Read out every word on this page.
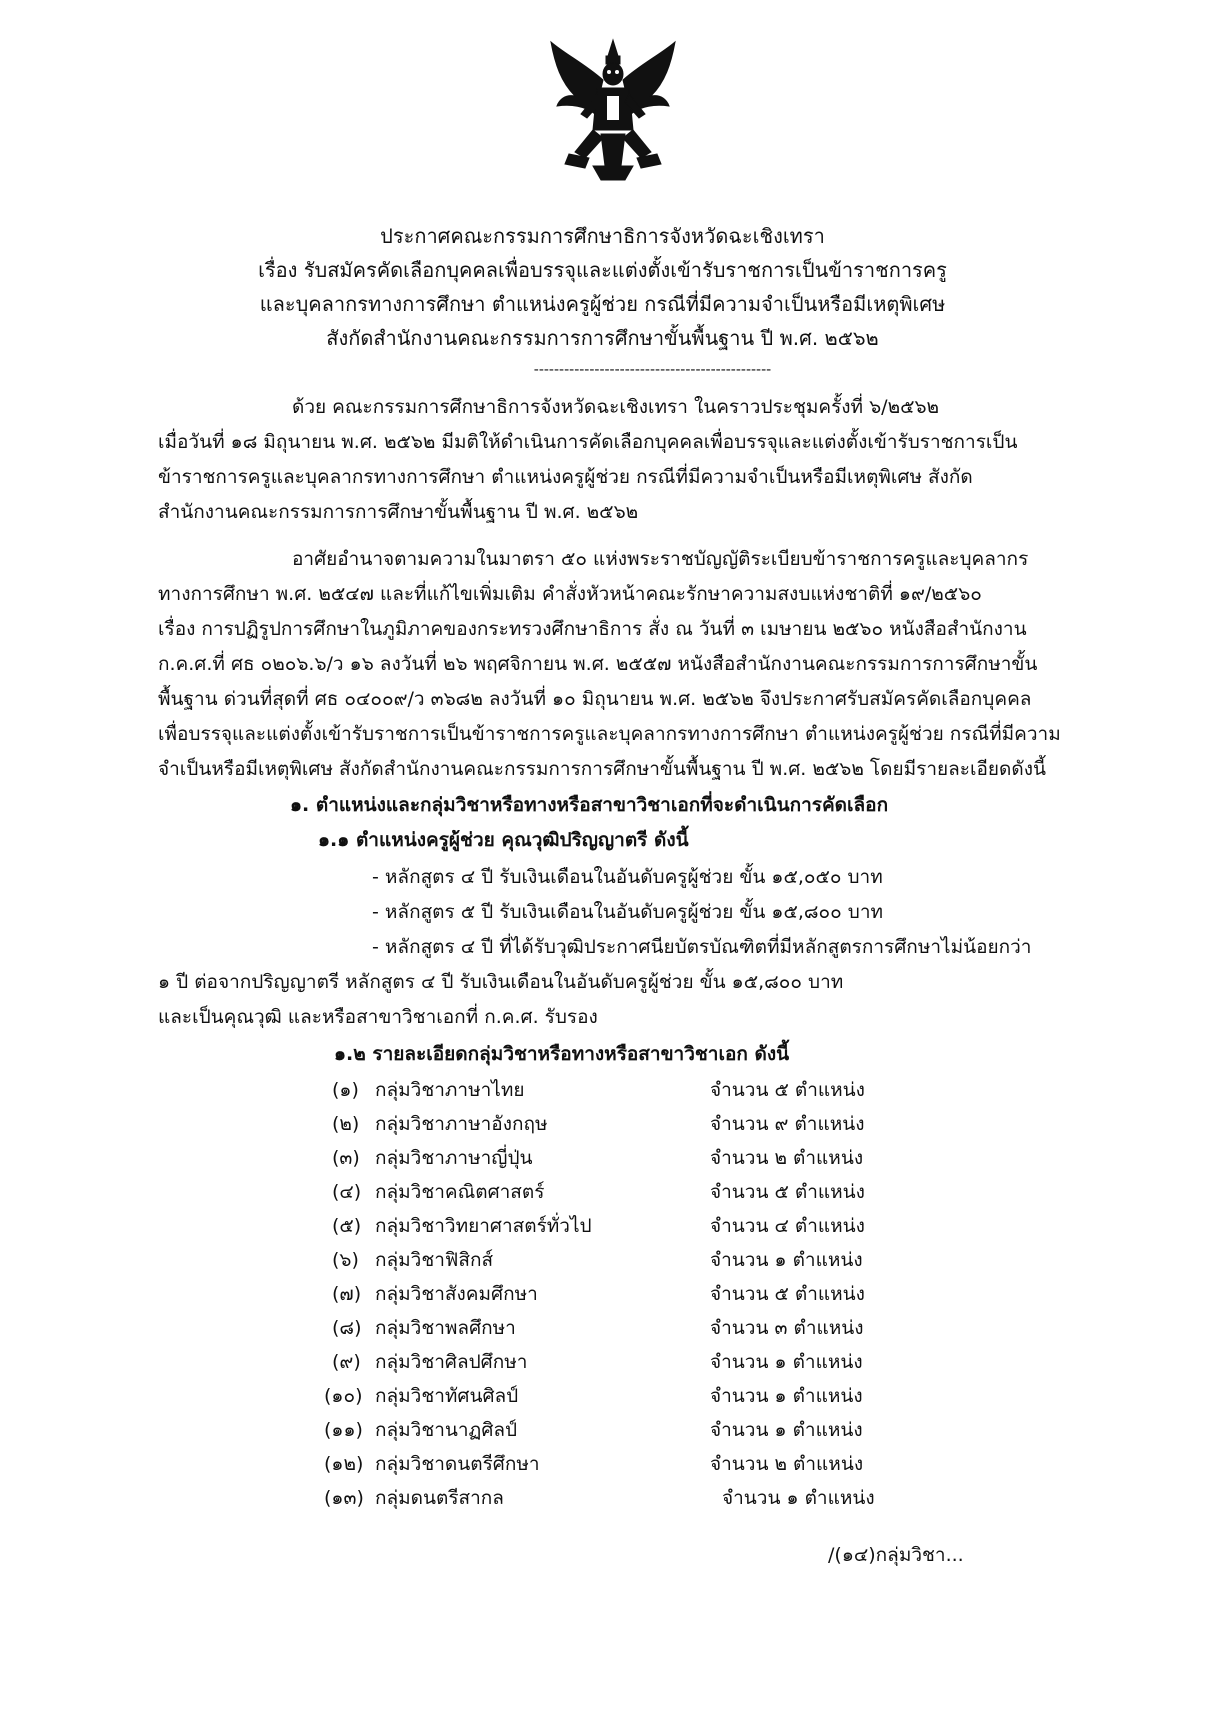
ประกาศคณะกรรมการศึกษาธิการจังหวัดฉะเชิงเทรา
เรื่อง รับสมัครคัดเลือกบุคคลเพื่อบรรจุและแต่งตั้งเข้ารับราชการเป็นข้าราชการครู
และบุคลากรทางการศึกษา ตำแหน่งครูผู้ช่วย กรณีที่มีความจำเป็นหรือมีเหตุพิเศษ
สังกัดสำนักงานคณะกรรมการการศึกษาขั้นพื้นฐาน ปี พ.ศ. ๒๕๖๒
-----------------------------------------------
ด้วย คณะกรรมการศึกษาธิการจังหวัดฉะเชิงเทรา ในคราวประชุมครั้งที่ ๖/๒๕๖๒
เมื่อวันที่ ๑๘ มิถุนายน พ.ศ. ๒๕๖๒ มีมติให้ดำเนินการคัดเลือกบุคคลเพื่อบรรจุและแต่งตั้งเข้ารับราชการเป็น
ข้าราชการครูและบุคลากรทางการศึกษา ตำแหน่งครูผู้ช่วย กรณีที่มีความจำเป็นหรือมีเหตุพิเศษ สังกัด
สำนักงานคณะกรรมการการศึกษาขั้นพื้นฐาน ปี พ.ศ. ๒๕๖๒
อาศัยอำนาจตามความในมาตรา ๕๐ แห่งพระราชบัญญัติระเบียบข้าราชการครูและบุคลากร
ทางการศึกษา พ.ศ. ๒๕๔๗ และที่แก้ไขเพิ่มเติม คำสั่งหัวหน้าคณะรักษาความสงบแห่งชาติที่ ๑๙/๒๕๖๐
เรื่อง การปฏิรูปการศึกษาในภูมิภาคของกระทรวงศึกษาธิการ สั่ง ณ วันที่ ๓ เมษายน ๒๕๖๐ หนังสือสำนักงาน
ก.ค.ศ.ที่ ศธ ๐๒๐๖.๖/ว ๑๖ ลงวันที่ ๒๖ พฤศจิกายน พ.ศ. ๒๕๕๗ หนังสือสำนักงานคณะกรรมการการศึกษาขั้น
พื้นฐาน ด่วนที่สุดที่ ศธ ๐๔๐๐๙/ว ๓๖๘๒ ลงวันที่ ๑๐ มิถุนายน พ.ศ. ๒๕๖๒ จึงประกาศรับสมัครคัดเลือกบุคคล
เพื่อบรรจุและแต่งตั้งเข้ารับราชการเป็นข้าราชการครูและบุคลากรทางการศึกษา ตำแหน่งครูผู้ช่วย กรณีที่มีความ
จำเป็นหรือมีเหตุพิเศษ สังกัดสำนักงานคณะกรรมการการศึกษาขั้นพื้นฐาน ปี พ.ศ. ๒๕๖๒ โดยมีรายละเอียดดังนี้
๑. ตำแหน่งและกลุ่มวิชาหรือทางหรือสาขาวิชาเอกที่จะดำเนินการคัดเลือก
๑.๑ ตำแหน่งครูผู้ช่วย คุณวุฒิปริญญาตรี ดังนี้
- หลักสูตร ๔ ปี รับเงินเดือนในอันดับครูผู้ช่วย ขั้น ๑๕,๐๕๐ บาท
- หลักสูตร ๕ ปี รับเงินเดือนในอันดับครูผู้ช่วย ขั้น ๑๕,๘๐๐ บาท
- หลักสูตร ๔ ปี ที่ได้รับวุฒิประกาศนียบัตรบัณฑิตที่มีหลักสูตรการศึกษาไม่น้อยกว่า
๑ ปี ต่อจากปริญญาตรี หลักสูตร ๔ ปี รับเงินเดือนในอันดับครูผู้ช่วย ขั้น ๑๕,๘๐๐ บาท
และเป็นคุณวุฒิ และหรือสาขาวิชาเอกที่ ก.ค.ศ. รับรอง
๑.๒ รายละเอียดกลุ่มวิชาหรือทางหรือสาขาวิชาเอก ดังนี้
(๑) กลุ่มวิชาภาษาไทย	จำนวน ๕ ตำแหน่ง
(๒) กลุ่มวิชาภาษาอังกฤษ	จำนวน ๙ ตำแหน่ง
(๓) กลุ่มวิชาภาษาญี่ปุ่น	จำนวน ๒ ตำแหน่ง
(๔) กลุ่มวิชาคณิตศาสตร์	จำนวน ๕ ตำแหน่ง
(๕) กลุ่มวิชาวิทยาศาสตร์ทั่วไป	จำนวน ๔ ตำแหน่ง
(๖) กลุ่มวิชาฟิสิกส์	จำนวน ๑ ตำแหน่ง
(๗) กลุ่มวิชาสังคมศึกษา	จำนวน ๕ ตำแหน่ง
(๘) กลุ่มวิชาพลศึกษา	จำนวน ๓ ตำแหน่ง
(๙) กลุ่มวิชาศิลปศึกษา	จำนวน ๑ ตำแหน่ง
(๑๐) กลุ่มวิชาทัศนศิลป์	จำนวน ๑ ตำแหน่ง
(๑๑) กลุ่มวิชานาฏศิลป์	จำนวน ๑ ตำแหน่ง
(๑๒) กลุ่มวิชาดนตรีศึกษา	จำนวน ๒ ตำแหน่ง
(๑๓) กลุ่มดนตรีสากล	จำนวน ๑ ตำแหน่ง
/(๑๔)กลุ่มวิชา...
